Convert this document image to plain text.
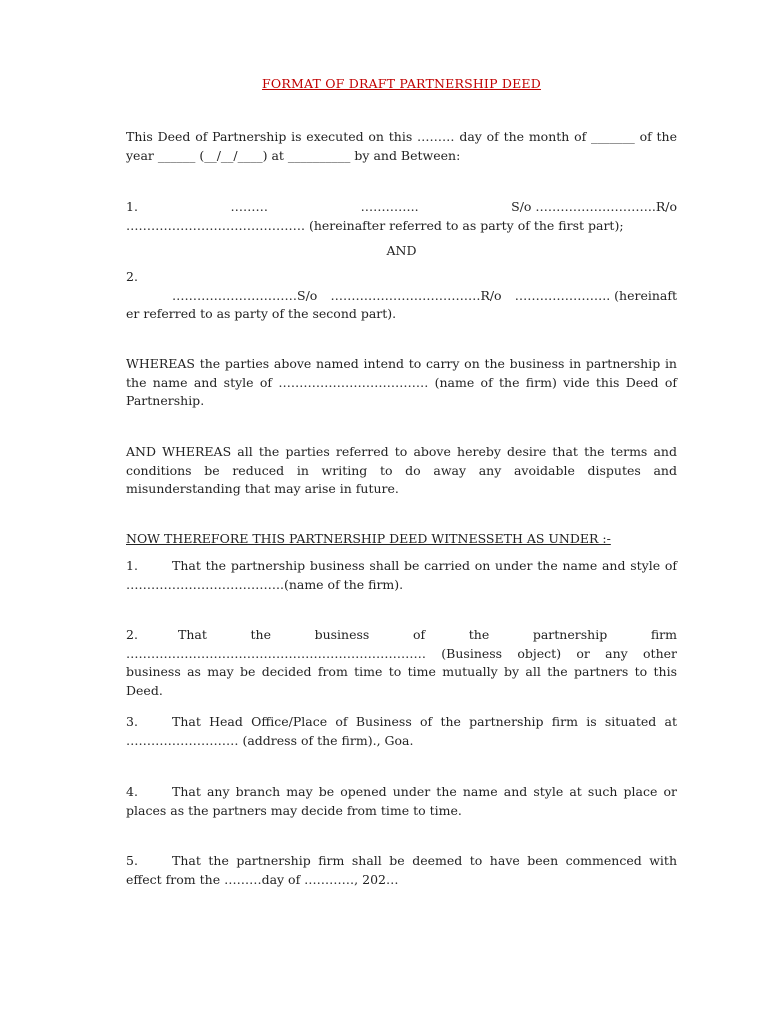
FORMAT OF DRAFT PARTNERSHIP DEED
This Deed of Partnership is executed on this ……… day of the month of _______ of the year ______ (__/__/____) at __________ by and Between:
1.	………	…………..	S/o ………………………..R/o
……………………………………. (hereinafter referred to as party of the first part);
AND
2.
…………………………S/o ………………………………R/o ………………….. (hereinaft
er referred to as party of the second part).
WHEREAS the parties above named intend to carry on the business in partnership in the name and style of ……………………………… (name of the firm) vide this Deed of Partnership.
AND WHEREAS all the parties referred to above hereby desire that the terms and conditions be reduced in writing to do away any avoidable disputes and misunderstanding that may arise in future.
NOW THEREFORE THIS PARTNERSHIP DEED WITNESSETH AS UNDER :-
1.	That the partnership business shall be carried on under the name and style of ………………………………..(name of the firm).
2.	That the business of the partnership firm ……………………………………………………………… (Business object) or any other business as may be decided from time to time mutually by all the partners to this Deed.
3.	That Head Office/Place of Business of the partnership firm is situated at ……………………… (address of the firm)., Goa.
4.	That any branch may be opened under the name and style at such place or places as the partners may decide from time to time.
5.	That the partnership firm shall be deemed to have been commenced with effect from the ………day of …………, 202…
